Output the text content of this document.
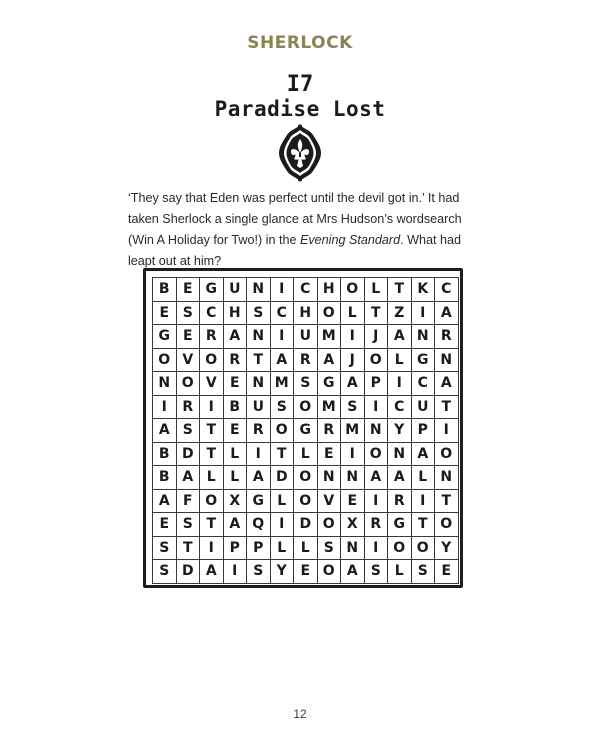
SHERLOCK
I7
Paradise Lost

‘They say that Eden was perfect until the devil got in.’ It had taken Sherlock a single glance at Mrs Hudson’s wordsearch (Win A Holiday for Two!) in the Evening Standard. What had leapt out at him?

B E G U N	I	C H O L	T K C
E S C H S C H O L	T Z	I	A
G E R A N	I	U M I	J	A N R
O V O R T A R A	J	O L G N
N O V E N M S G A P	I	C A
I	R	I	B U S O M S	I	C U T
A S T E R O G R M N Y P	I
B D T	L	I	T	L	E	I	O N A O
B A L	L A D O N N A A L N
A F O X G L O V E	I	R	I	T
E S T A Q	I	D O X R G T O
S T	I	P P L	L	S N	I	O O Y
S D A	I	S Y E O A S L	S E
12
